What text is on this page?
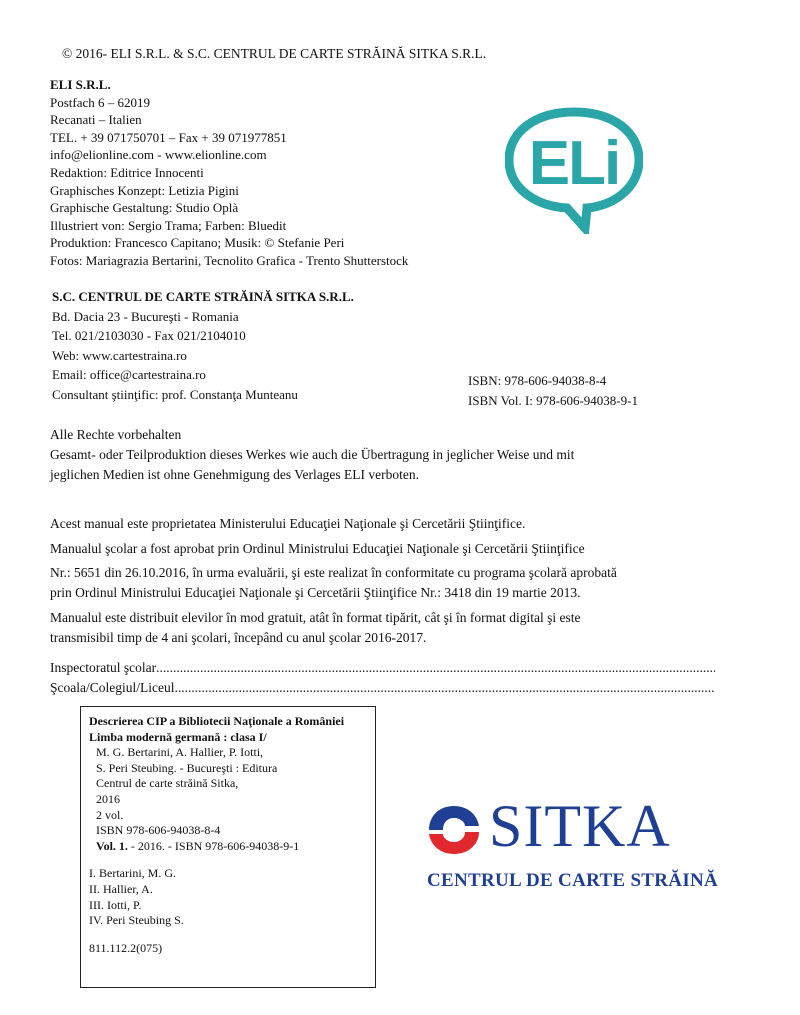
© 2016- ELI S.R.L. & S.C. CENTRUL DE CARTE STRĂINĂ SITKA S.R.L.
ELI S.R.L.
Postfach 6 – 62019
Recanati – Italien
TEL. + 39 071750701 – Fax + 39 071977851
info@elionline.com - www.elionline.com
Redaktion: Editrice Innocenti
Graphisches Konzept: Letizia Pigini
Graphische Gestaltung: Studio Oplà
Illustriert von: Sergio Trama; Farben: Bluedit
Produktion: Francesco Capitano; Musik: © Stefanie Peri
Fotos: Mariagrazia Bertarini, Tecnolito Grafica - Trento Shutterstock
ELi
S.C. CENTRUL DE CARTE STRĂINĂ SITKA S.R.L.
Bd. Dacia 23 - Bucureşti - Romania
Tel. 021/2103030 - Fax 021/2104010
Web: www.cartestraina.ro
Email: office@cartestraina.ro
Consultant ştiinţific: prof. Constanţa Munteanu
ISBN: 978-606-94038-8-4
ISBN Vol. I: 978-606-94038-9-1
Alle Rechte vorbehalten
Gesamt- oder Teilproduktion dieses Werkes wie auch die Übertragung in jeglicher Weise und mit
jeglichen Medien ist ohne Genehmigung des Verlages ELI verboten.

Acest manual este proprietatea Ministerului Educaţiei Naţionale şi Cercetării Ştiinţifice.

Manualul şcolar a fost aprobat prin Ordinul Ministrului Educaţiei Naţionale şi Cercetării Ştiinţifice

Nr.: 5651 din 26.10.2016, în urma evaluării, şi este realizat în conformitate cu programa şcolară aprobată

prin Ordinul Ministrului Educaţiei Naţionale şi Cercetării Ştiinţifice Nr.: 3418 din 19 martie 2013.

Manualul este distribuit elevilor în mod gratuit, atât în format tipărit, cât şi în format digital şi este
transmisibil timp de 4 ani şcolari, începând cu anul şcolar 2016-2017.
Inspectoratul şcolar
.....
Şcoala/Colegiul/Liceul
.....
Descrierea CIP a Bibliotecii Naţionale a României
Limba modernă germană : clasa I/
M. G. Bertarini, A. Hallier, P. Iotti,
S. Peri Steubing. - Bucureşti : Editura
Centrul de carte străină Sitka,
2016
2 vol.
ISBN 978-606-94038-8-4
Vol. 1. - 2016. - ISBN 978-606-94038-9-1
I. Bertarini, M. G.
II. Hallier, A.
III. Iotti, P.
IV. Peri Steubing S.
811.112.2(075)
SITKA
CENTRUL DE CARTE STRĂINĂ
